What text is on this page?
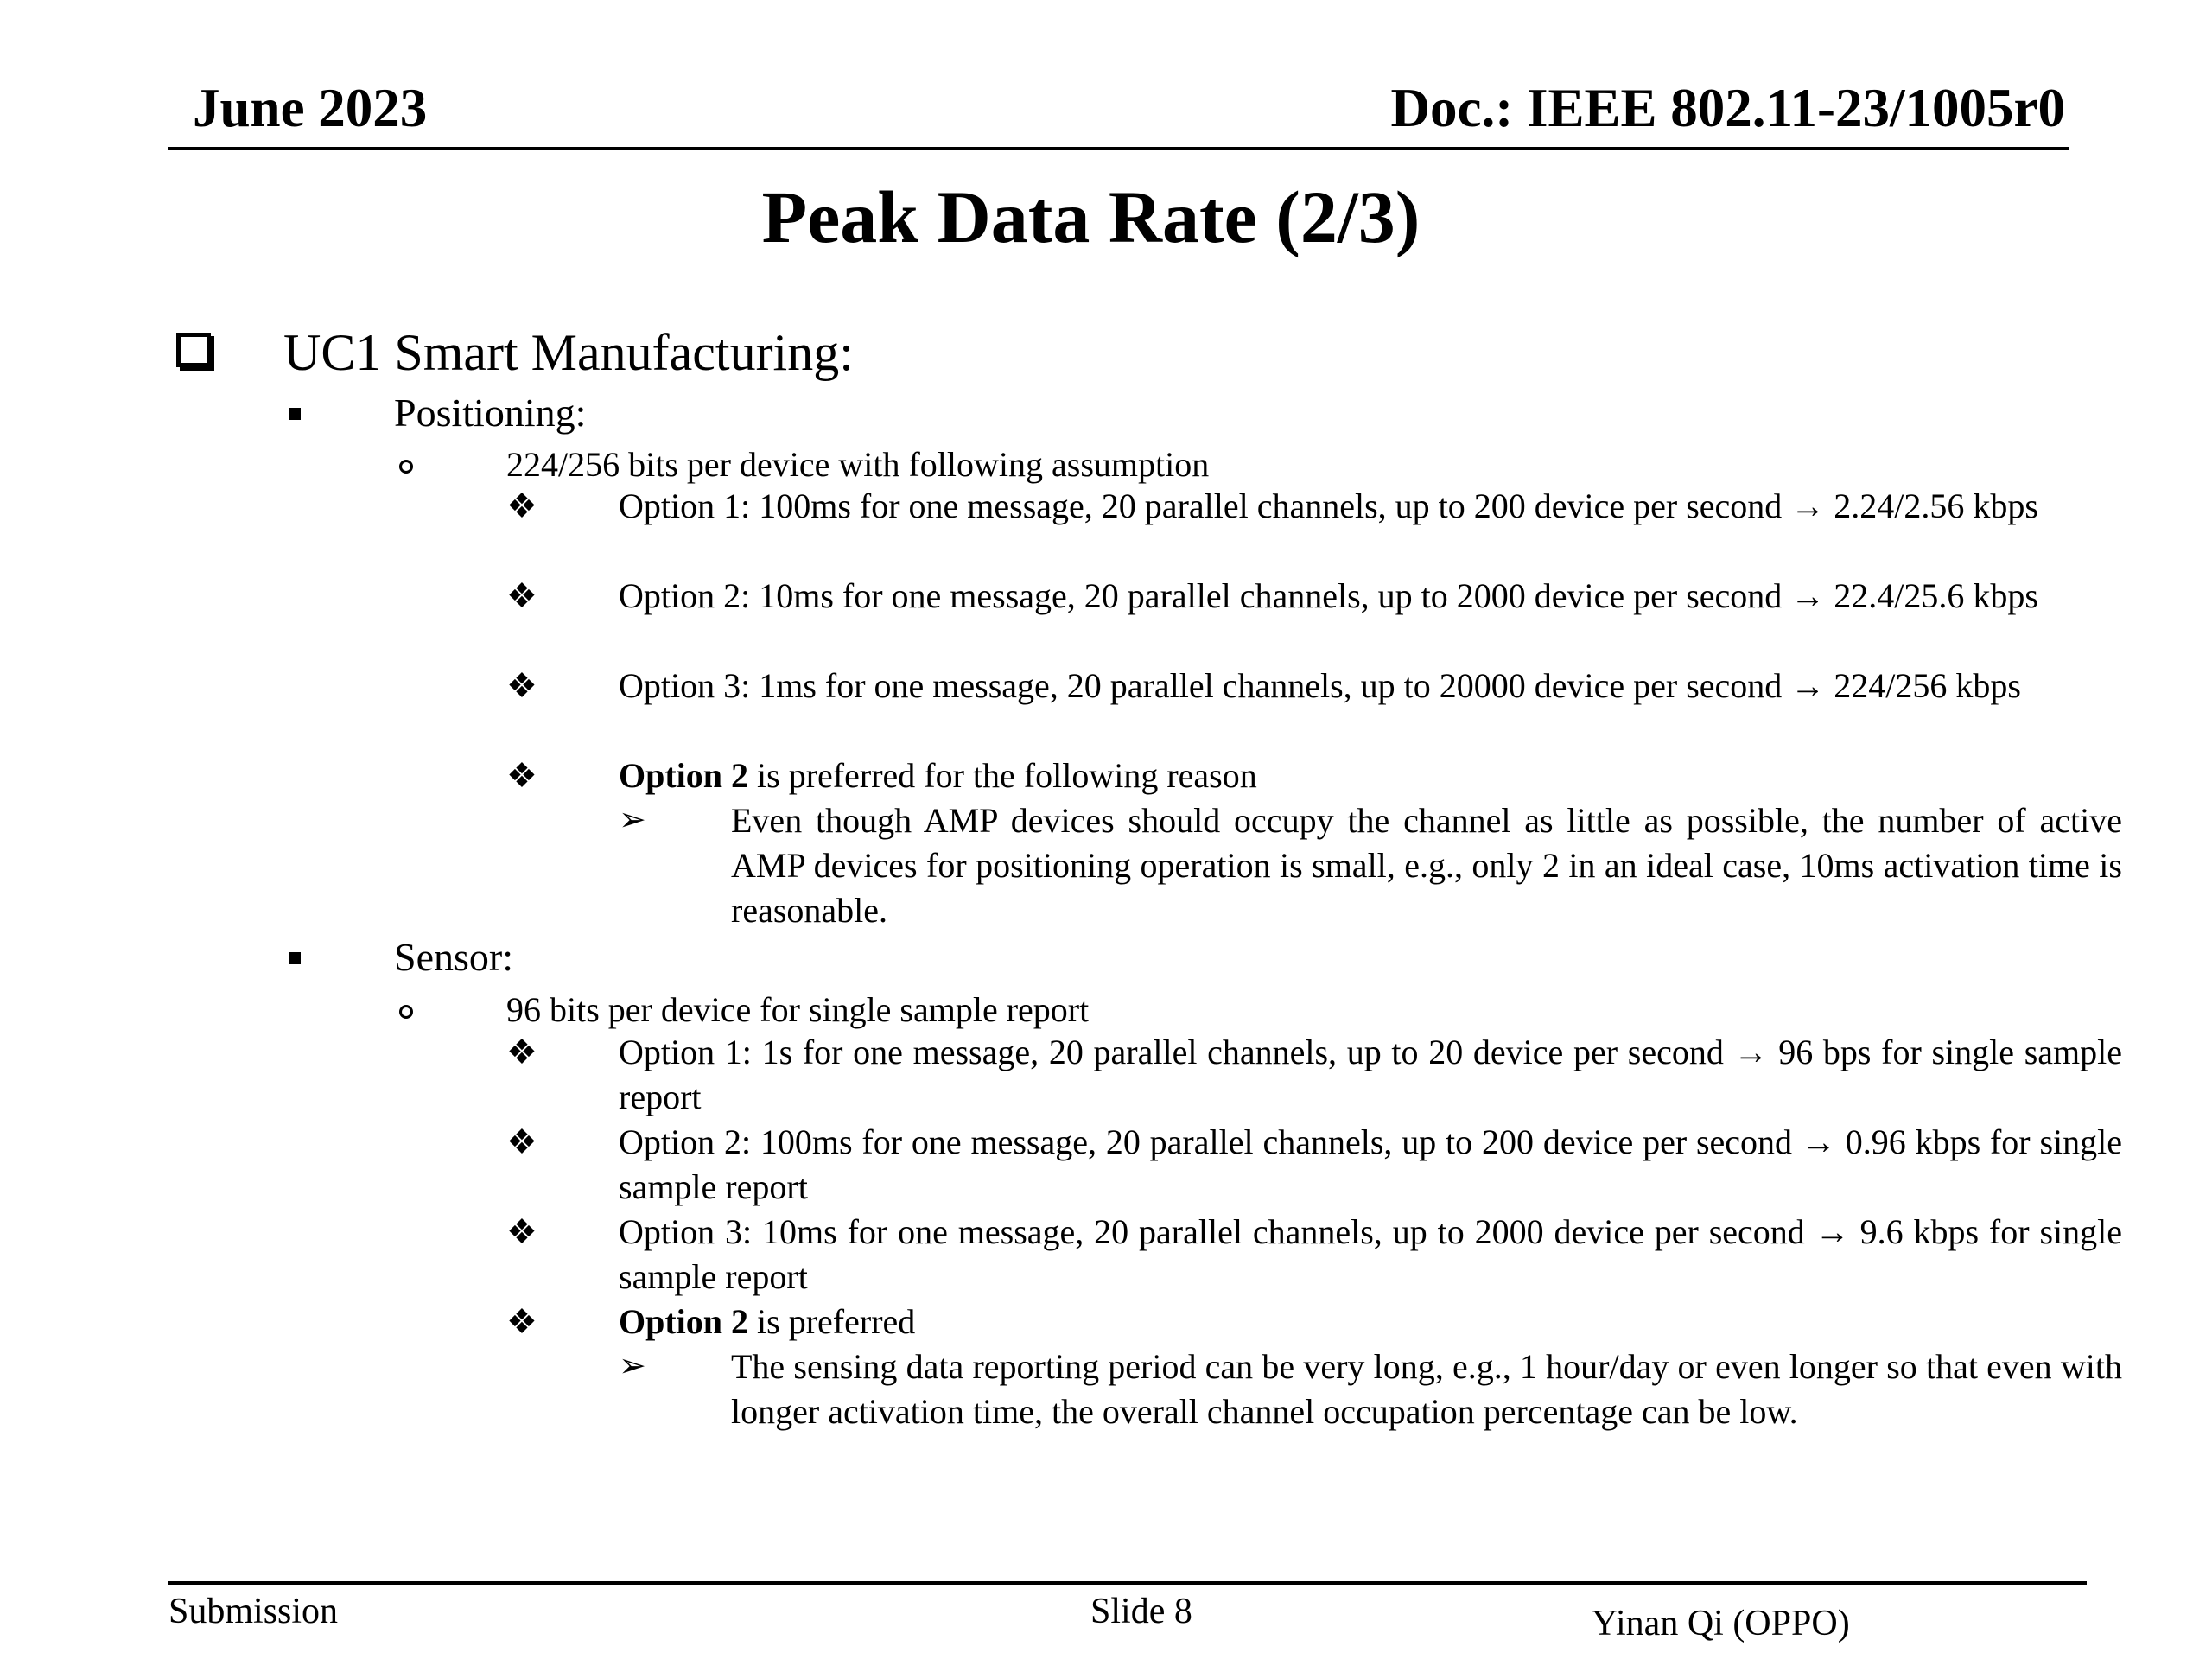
June 2023	Doc.: IEEE 802.11-23/1005r0
Peak Data Rate (2/3)
UC1 Smart Manufacturing:
Positioning:
224/256 bits per device with following assumption
❖ Option 1: 100ms for one message, 20 parallel channels, up to 200 device per second → 2.24/2.56 kbps
❖ Option 2: 10ms for one message, 20 parallel channels, up to 2000 device per second → 22.4/25.6 kbps
❖ Option 3: 1ms for one message, 20 parallel channels, up to 20000 device per second → 224/256 kbps
❖ Option 2 is preferred for the following reason
➢ Even though AMP devices should occupy the channel as little as possible, the number of active AMP devices for positioning operation is small, e.g., only 2 in an ideal case, 10ms activation time is reasonable.
Sensor:
96 bits per device for single sample report
❖ Option 1: 1s for one message, 20 parallel channels, up to 20 device per second → 96 bps for single sample report
❖ Option 2: 100ms for one message, 20 parallel channels, up to 200 device per second → 0.96 kbps for single sample report
❖ Option 3: 10ms for one message, 20 parallel channels, up to 2000 device per second → 9.6 kbps for single sample report
❖ Option 2 is preferred
➢ The sensing data reporting period can be very long, e.g., 1 hour/day or even longer so that even with longer activation time, the overall channel occupation percentage can be low.
Submission	Slide 8	Yinan Qi (OPPO)
